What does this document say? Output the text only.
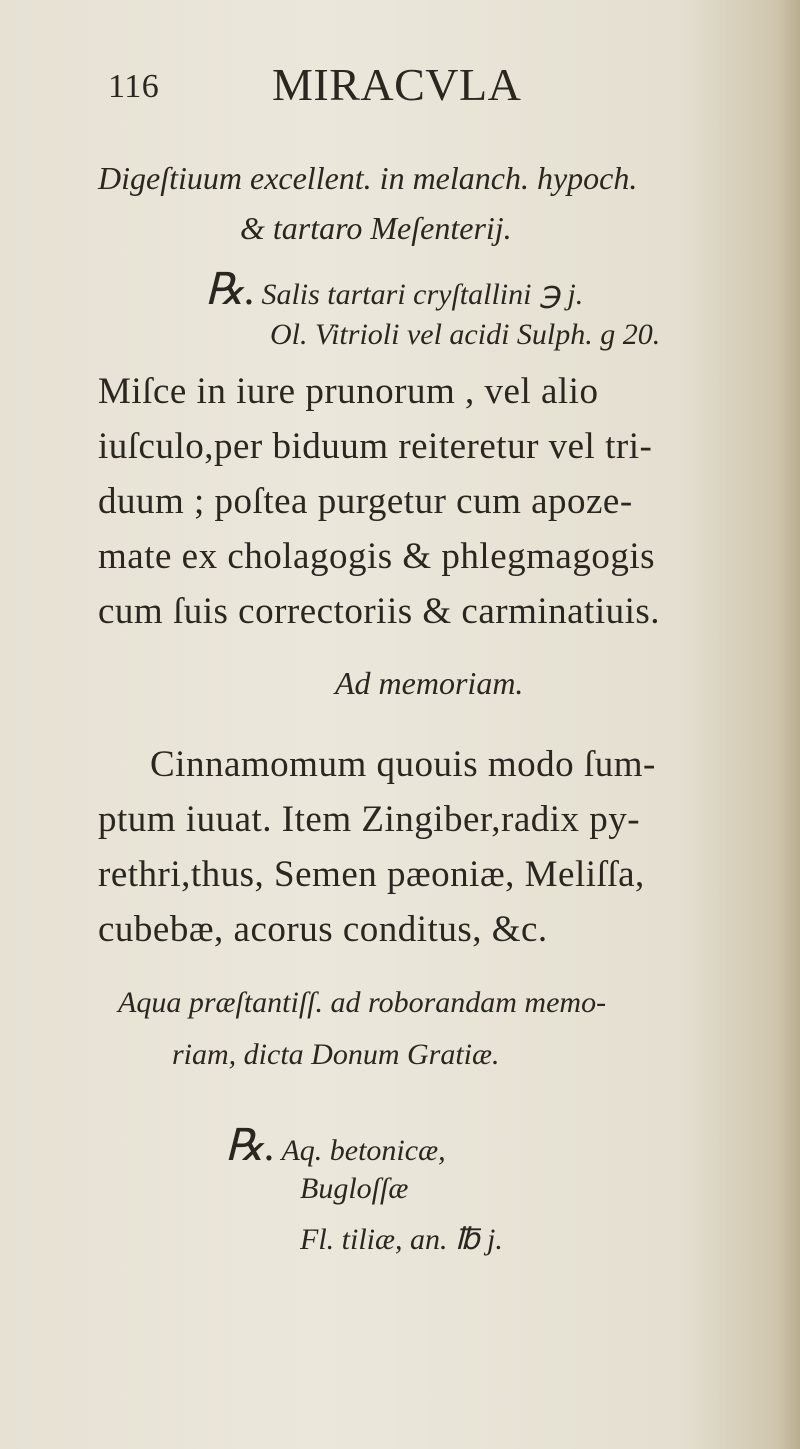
116 MIRACVLA
Digeſtiuum excellent. in melanch. hypoch.
& tartaro Meſenterij.
℞. Salis tartari cryſtallini ℈ j.
Ol. Vitrioli vel acidi Sulph. g 20.
Miſce in iure prunorum , vel alio
iuſculo,per biduum reiteretur vel tri-
duum ; poſtea purgetur cum apoze-
mate ex cholagogis & phlegmagogis
cum ſuis correctoriis & carminatiuis.
Ad memoriam.
Cinnamomum quouis modo ſum-
ptum iuuat. Item Zingiber,radix py-
rethri,thus, Semen pæoniæ, Meliſſa,
cubebæ, acorus conditus, &c.
Aqua præſtantiſſ. ad roborandam memo-
riam, dicta Donum Gratiæ.
℞. Aq. betonicæ,
Bugloſſæ
Fl. tiliæ, an. ℔ j.
